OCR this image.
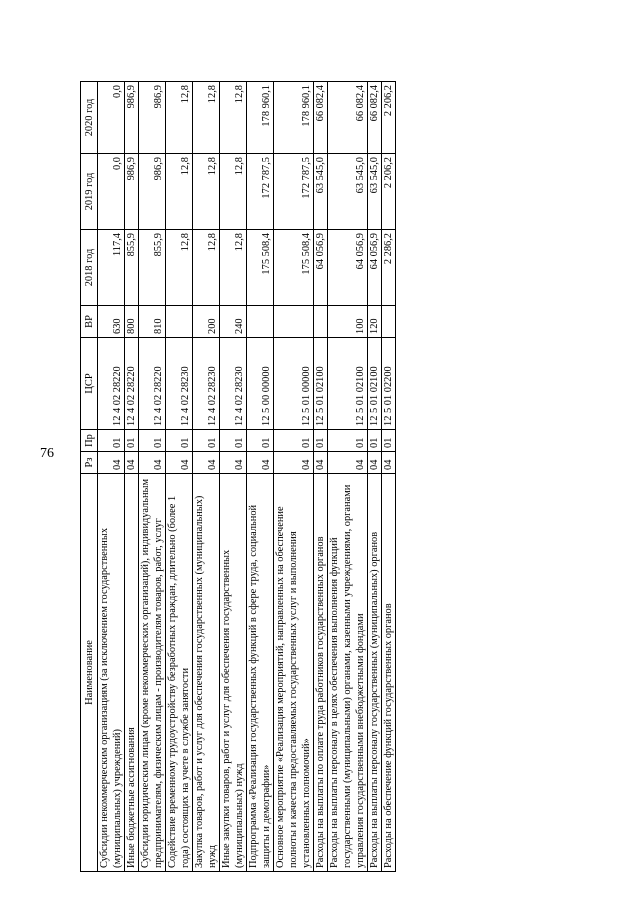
76
Наименование	Рз	Пр	ЦСР	ВР	2018 год	2019 год	2020 год
Субсидии некоммерческим организациям (за исключением государственных (муниципальных) учреждений)	04	01	12 4 02 28220	630	117,4	0,0	0,0
Иные бюджетные ассигнования	04	01	12 4 02 28220	800	855,9	986,9	986,9
Субсидии юридическим лицам (кроме некоммерческих организаций), индивидуальным предпринимателям, физическим лицам - производителям товаров, работ, услуг	04	01	12 4 02 28220	810	855,9	986,9	986,9
Содействие временному трудоустройству безработных граждан, длительно (более 1 года) состоящих на учете в службе занятости	04	01	12 4 02 28230		12,8	12,8	12,8
Закупка товаров, работ и услуг для обеспечения государственных (муниципальных) нужд	04	01	12 4 02 28230	200	12,8	12,8	12,8
Иные закупки товаров, работ и услуг для обеспечения государственных (муниципальных) нужд	04	01	12 4 02 28230	240	12,8	12,8	12,8
Подпрограмма «Реализация государственных функций в сфере труда, социальной защиты и демографии»	04	01	12 5 00 00000		175 508,4	172 787,5	178 960,1
Основное мероприятие «Реализация мероприятий, направленных на обеспечение полноты и качества предоставляемых государственных услуг и выполнения установленных полномочий»	04	01	12 5 01 00000		175 508,4	172 787,5	178 960,1
Расходы на выплаты по оплате труда работников государственных органов	04	01	12 5 01 02100		64 056,9	63 545,0	66 082,4
Расходы на выплаты персоналу в целях обеспечения выполнения функций государственными (муниципальными) органами, казенными учреждениями, органами управления государственными внебюджетными фондами	04	01	12 5 01 02100	100	64 056,9	63 545,0	66 082,4
Расходы на выплаты персоналу государственных (муниципальных) органов	04	01	12 5 01 02100	120	64 056,9	63 545,0	66 082,4
Расходы на обеспечение функций государственных органов	04	01	12 5 01 02200		2 286,2	2 206,2	2 206,2
